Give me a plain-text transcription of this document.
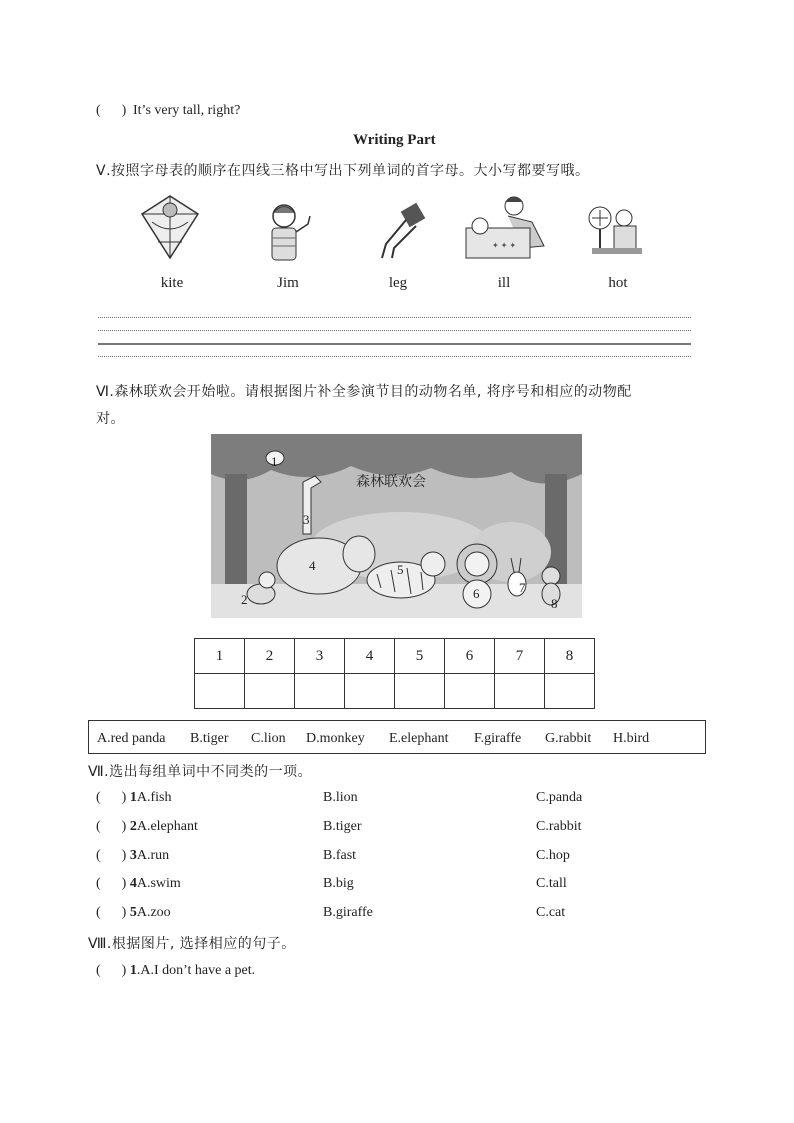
(      ) It’s very tall, right?
Writing Part
Ⅴ.按照字母表的顺序在四线三格中写出下列单词的首字母。大小写都要写哦。
✦ ✦ ✦
kite	Jim	leg	ill	hot
Ⅵ.森林联欢会开始啦。请根据图片补全参演节目的动物名单, 将序号和相应的动物配
对。
森林联欢会
1
2
3
4	5
6	7
8
1	2	3	4	5	6	7	8

A.red panda B.tiger C.lion D.monkey E.elephant F.giraffe G.rabbit H.bird
Ⅶ.选出每组单词中不同类的一项。
(      ) 1A.fish	B.lion	C.panda
(      ) 2A.elephant	B.tiger	C.rabbit
(      ) 3A.run	B.fast	C.hop
(      ) 4A.swim	B.big	C.tall
(      ) 5A.zoo	B.giraffe	C.cat
Ⅷ.根据图片, 选择相应的句子。
(      ) 1.A.I don’t have a pet.
